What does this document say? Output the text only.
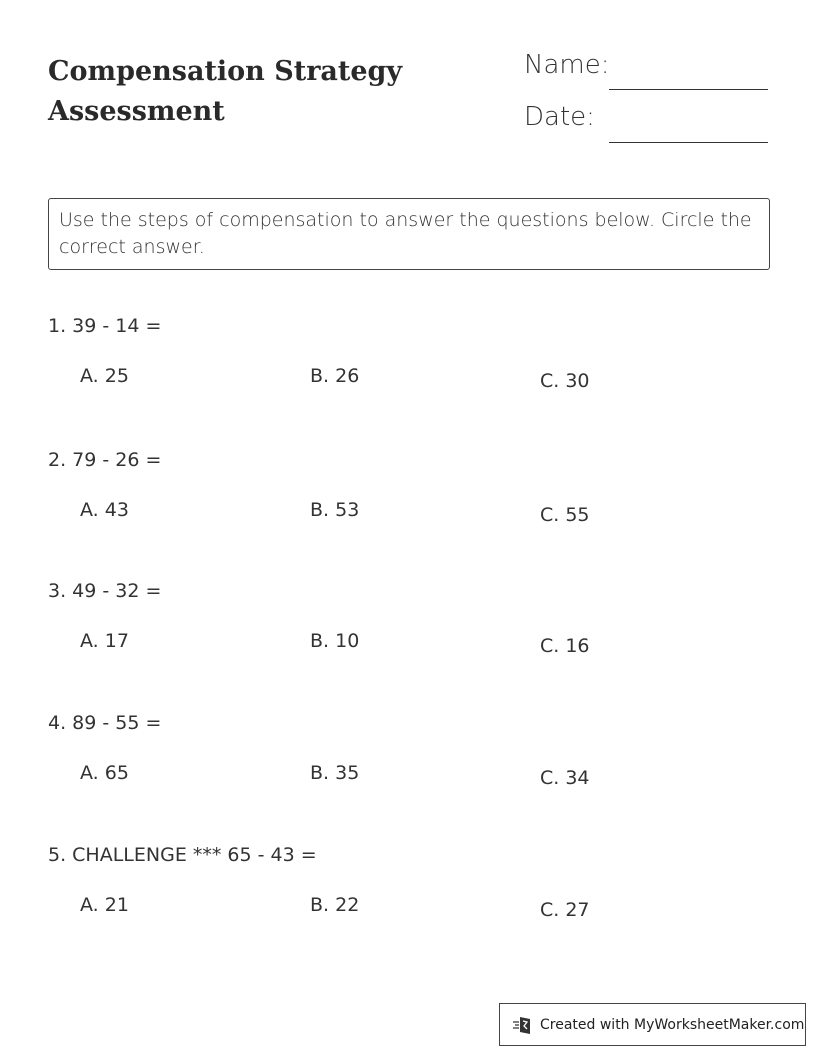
Compensation Strategy
Assessment
Name:
Date:
Use the steps of compensation to answer the questions below. Circle the correct answer.
1. 39 - 14 =
A. 25	B. 26	C. 30
2. 79 - 26 =
A. 43	B. 53	C. 55
3. 49 - 32 =
A. 17	B. 10	C. 16
4. 89 - 55 =
A. 65	B. 35	C. 34
5. CHALLENGE *** 65 - 43 =
A. 21	B. 22	C. 27
Created with MyWorksheetMaker.com
